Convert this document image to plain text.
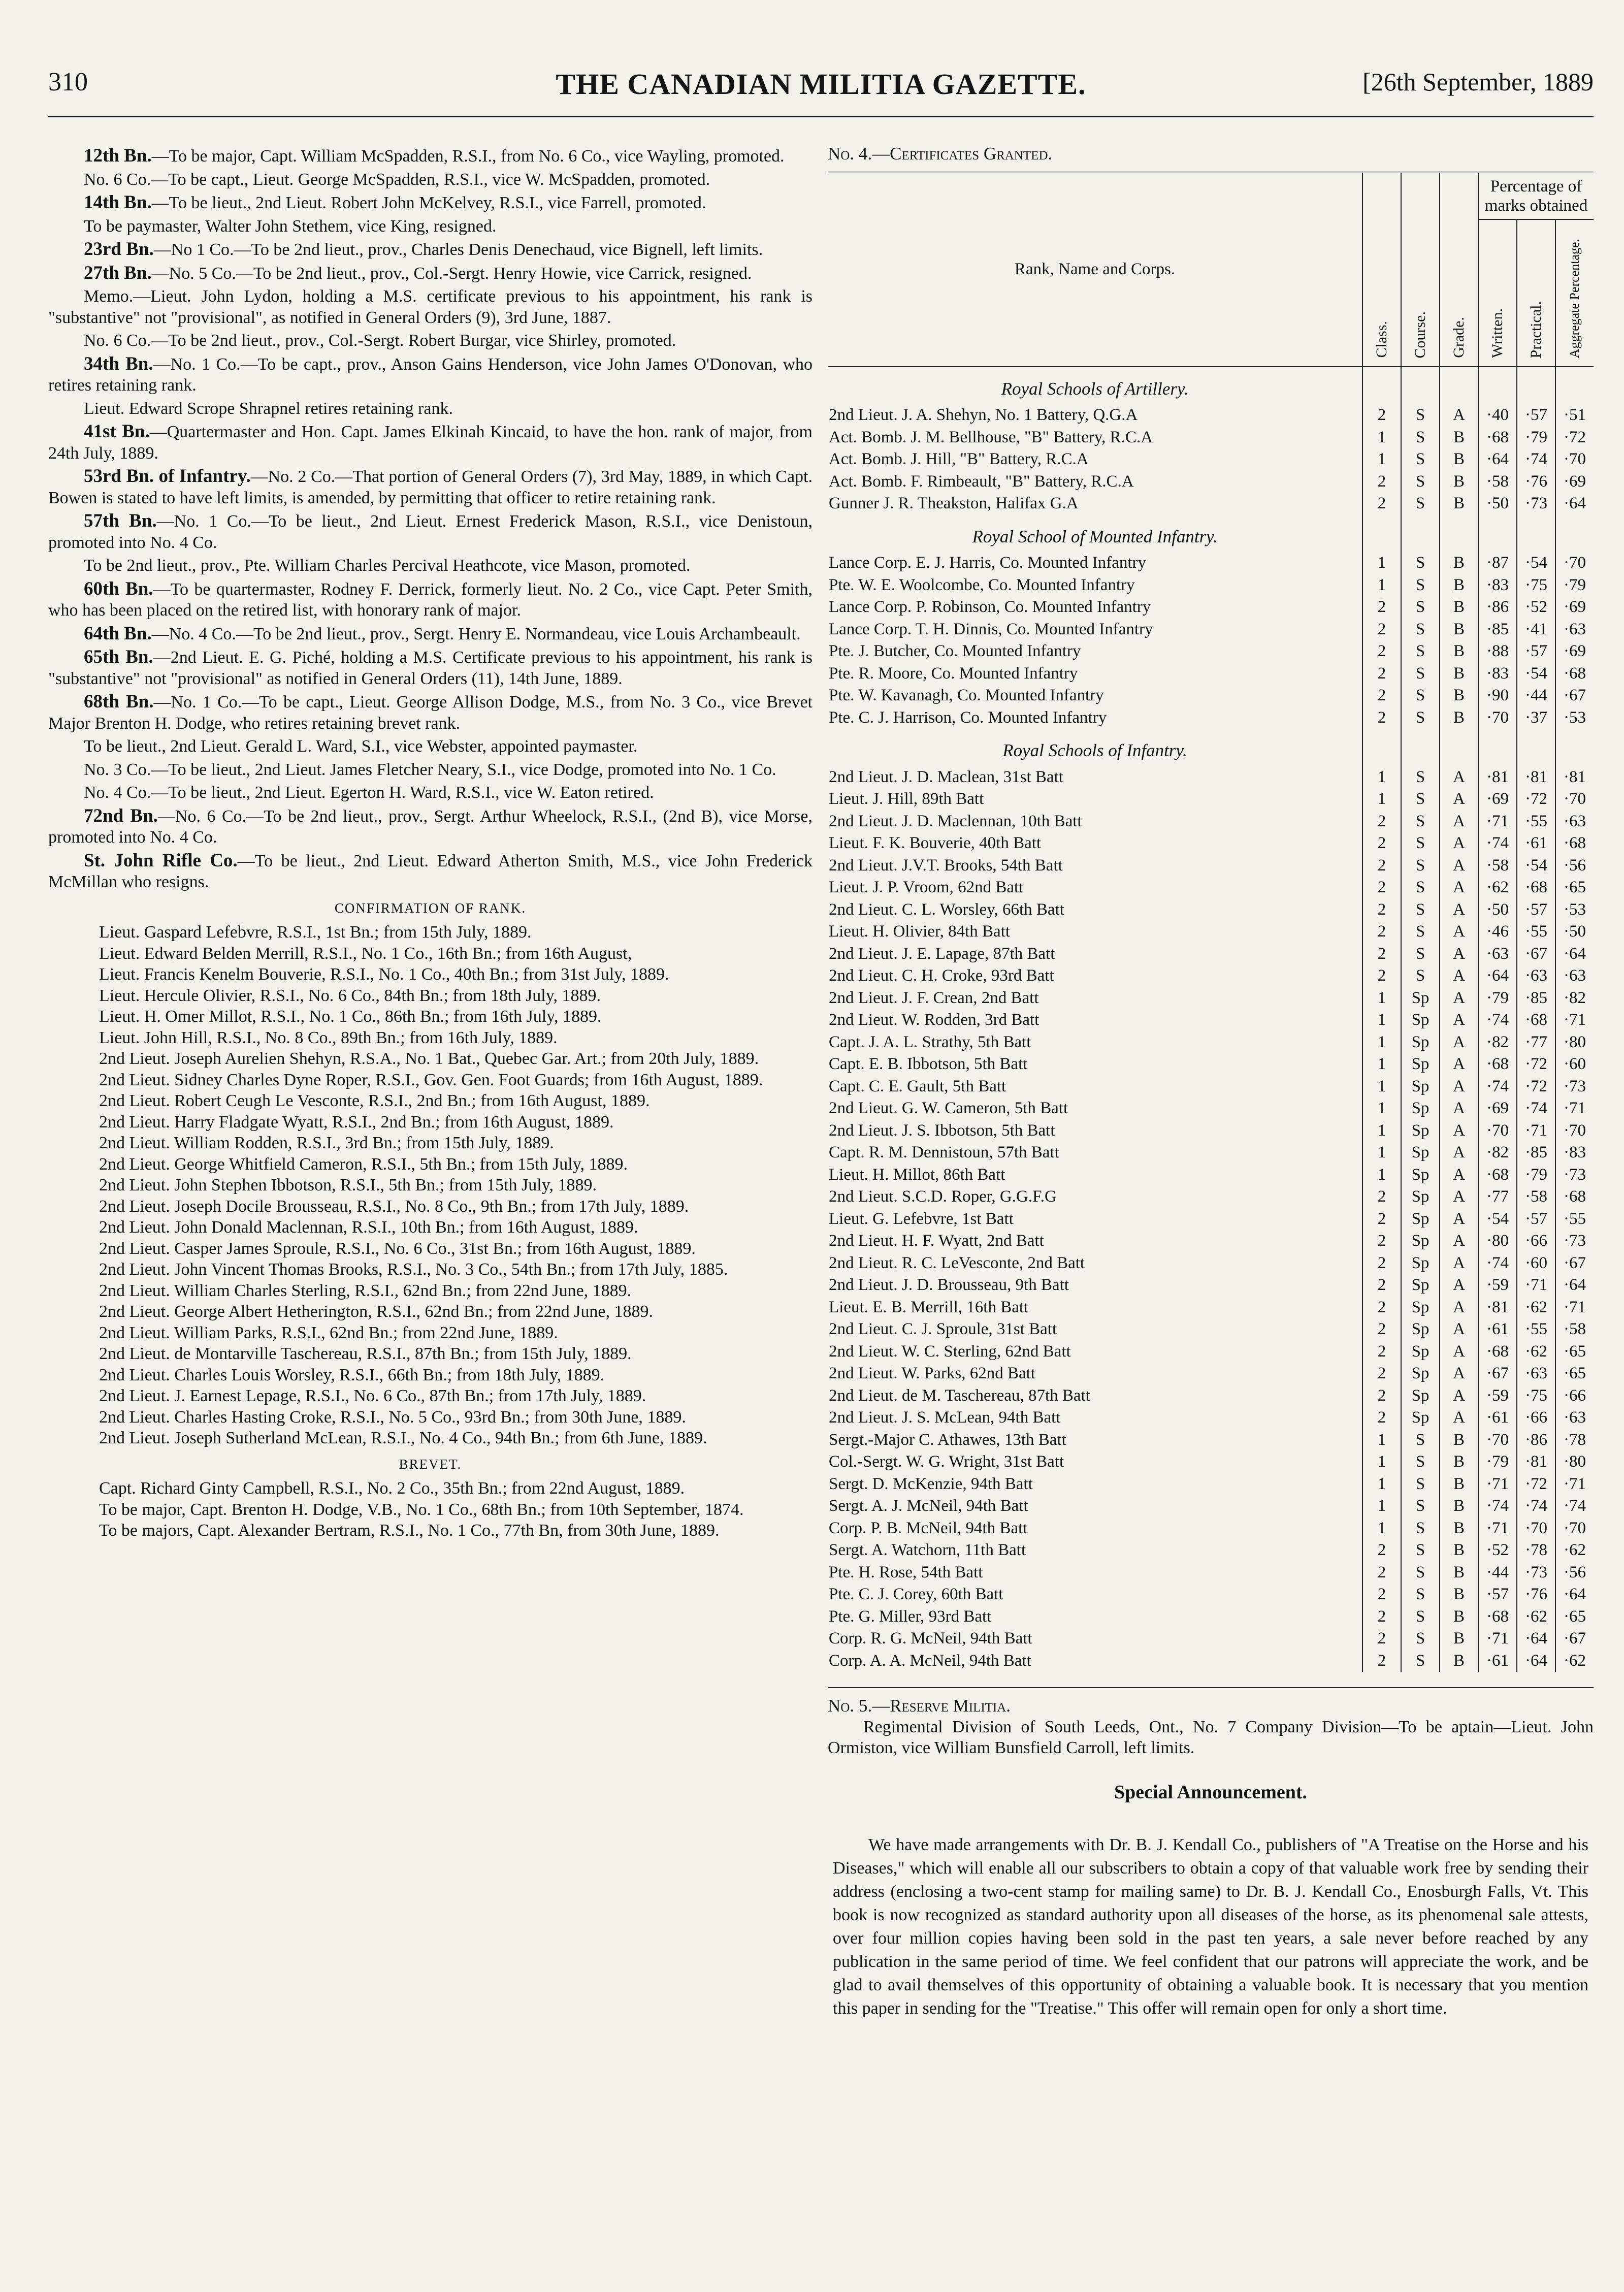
310	THE CANADIAN MILITIA GAZETTE.	[26th September, 1889

12th Bn.—To be major, Capt. William McSpadden, R.S.I., from No. 6 Co., vice Wayling, promoted.

No. 6 Co.—To be capt., Lieut. George McSpadden, R.S.I., vice W. McSpadden, promoted.

14th Bn.—To be lieut., 2nd Lieut. Robert John McKelvey, R.S.I., vice Farrell, promoted.

To be paymaster, Walter John Stethem, vice King, resigned.

23rd Bn.—No 1 Co.—To be 2nd lieut., prov., Charles Denis Denechaud, vice Bignell, left limits.

27th Bn.—No. 5 Co.—To be 2nd lieut., prov., Col.-Sergt. Henry Howie, vice Carrick, resigned.

Memo.—Lieut. John Lydon, holding a M.S. certificate previous to his appointment, his rank is "substantive" not "provisional", as notified in General Orders (9), 3rd June, 1887.

No. 6 Co.—To be 2nd lieut., prov., Col.-Sergt. Robert Burgar, vice Shirley, promoted.

34th Bn.—No. 1 Co.—To be capt., prov., Anson Gains Henderson, vice John James O'Donovan, who retires retaining rank.

Lieut. Edward Scrope Shrapnel retires retaining rank.

41st Bn.—Quartermaster and Hon. Capt. James Elkinah Kincaid, to have the hon. rank of major, from 24th July, 1889.

53rd Bn. of Infantry.—No. 2 Co.—That portion of General Orders (7), 3rd May, 1889, in which Capt. Bowen is stated to have left limits, is amended, by permitting that officer to retire retaining rank.

57th Bn.—No. 1 Co.—To be lieut., 2nd Lieut. Ernest Frederick Mason, R.S.I., vice Denistoun, promoted into No. 4 Co.

To be 2nd lieut., prov., Pte. William Charles Percival Heathcote, vice Mason, promoted.

60th Bn.—To be quartermaster, Rodney F. Derrick, formerly lieut. No. 2 Co., vice Capt. Peter Smith, who has been placed on the retired list, with honorary rank of major.

64th Bn.—No. 4 Co.—To be 2nd lieut., prov., Sergt. Henry E. Normandeau, vice Louis Archambeault.

65th Bn.—2nd Lieut. E. G. Piché, holding a M.S. Certificate previous to his appointment, his rank is "substantive" not "provisional" as notified in General Orders (11), 14th June, 1889.

68th Bn.—No. 1 Co.—To be capt., Lieut. George Allison Dodge, M.S., from No. 3 Co., vice Brevet Major Brenton H. Dodge, who retires retaining brevet rank.

To be lieut., 2nd Lieut. Gerald L. Ward, S.I., vice Webster, appointed paymaster.

No. 3 Co.—To be lieut., 2nd Lieut. James Fletcher Neary, S.I., vice Dodge, promoted into No. 1 Co.

No. 4 Co.—To be lieut., 2nd Lieut. Egerton H. Ward, R.S.I., vice W. Eaton retired.

72nd Bn.—No. 6 Co.—To be 2nd lieut., prov., Sergt. Arthur Wheelock, R.S.I., (2nd B), vice Morse, promoted into No. 4 Co.

St. John Rifle Co.—To be lieut., 2nd Lieut. Edward Atherton Smith, M.S., vice John Frederick McMillan who resigns.

CONFIRMATION OF RANK.

Lieut. Gaspard Lefebvre, R.S.I., 1st Bn.; from 15th July, 1889.

Lieut. Edward Belden Merrill, R.S.I., No. 1 Co., 16th Bn.; from 16th August,

Lieut. Francis Kenelm Bouverie, R.S.I., No. 1 Co., 40th Bn.; from 31st July, 1889.

Lieut. Hercule Olivier, R.S.I., No. 6 Co., 84th Bn.; from 18th July, 1889.

Lieut. H. Omer Millot, R.S.I., No. 1 Co., 86th Bn.; from 16th July, 1889.

Lieut. John Hill, R.S.I., No. 8 Co., 89th Bn.; from 16th July, 1889.

2nd Lieut. Joseph Aurelien Shehyn, R.S.A., No. 1 Bat., Quebec Gar. Art.; from 20th July, 1889.

2nd Lieut. Sidney Charles Dyne Roper, R.S.I., Gov. Gen. Foot Guards; from 16th August, 1889.

2nd Lieut. Robert Ceugh Le Vesconte, R.S.I., 2nd Bn.; from 16th August, 1889.

2nd Lieut. Harry Fladgate Wyatt, R.S.I., 2nd Bn.; from 16th August, 1889.

2nd Lieut. William Rodden, R.S.I., 3rd Bn.; from 15th July, 1889.

2nd Lieut. George Whitfield Cameron, R.S.I., 5th Bn.; from 15th July, 1889.

2nd Lieut. John Stephen Ibbotson, R.S.I., 5th Bn.; from 15th July, 1889.

2nd Lieut. Joseph Docile Brousseau, R.S.I., No. 8 Co., 9th Bn.; from 17th July, 1889.

2nd Lieut. John Donald Maclennan, R.S.I., 10th Bn.; from 16th August, 1889.

2nd Lieut. Casper James Sproule, R.S.I., No. 6 Co., 31st Bn.; from 16th August, 1889.

2nd Lieut. John Vincent Thomas Brooks, R.S.I., No. 3 Co., 54th Bn.; from 17th July, 1885.

2nd Lieut. William Charles Sterling, R.S.I., 62nd Bn.; from 22nd June, 1889.

2nd Lieut. George Albert Hetherington, R.S.I., 62nd Bn.; from 22nd June, 1889.

2nd Lieut. William Parks, R.S.I., 62nd Bn.; from 22nd June, 1889.

2nd Lieut. de Montarville Taschereau, R.S.I., 87th Bn.; from 15th July, 1889.

2nd Lieut. Charles Louis Worsley, R.S.I., 66th Bn.; from 18th July, 1889.

2nd Lieut. J. Earnest Lepage, R.S.I., No. 6 Co., 87th Bn.; from 17th July, 1889.

2nd Lieut. Charles Hasting Croke, R.S.I., No. 5 Co., 93rd Bn.; from 30th June, 1889.

2nd Lieut. Joseph Sutherland McLean, R.S.I., No. 4 Co., 94th Bn.; from 6th June, 1889.

BREVET.

Capt. Richard Ginty Campbell, R.S.I., No. 2 Co., 35th Bn.; from 22nd August, 1889.

To be major, Capt. Brenton H. Dodge, V.B., No. 1 Co., 68th Bn.; from 10th September, 1874.

To be majors, Capt. Alexander Bertram, R.S.I., No. 1 Co., 77th Bn, from 30th June, 1889.

No. 4.—Certificates Granted.

Rank, Name and Corps.	Class.	Course.	Grade.	Percentage of marks obtained		
				Written.	Practical.	Aggregate Percentage.
Royal Schools of Artillery.						
2nd Lieut. J. A. Shehyn, No. 1 Battery, Q.G.A	2	S	A	·40	·57	·51
Act. Bomb. J. M. Bellhouse, "B" Battery, R.C.A	1	S	B	·68	·79	·72
Act. Bomb. J. Hill, "B" Battery, R.C.A	1	S	B	·64	·74	·70
Act. Bomb. F. Rimbeault, "B" Battery, R.C.A	2	S	B	·58	·76	·69
Gunner J. R. Theakston, Halifax G.A	2	S	B	·50	·73	·64
Royal School of Mounted Infantry.						
Lance Corp. E. J. Harris, Co. Mounted Infantry	1	S	B	·87	·54	·70
Pte. W. E. Woolcombe, Co. Mounted Infantry	1	S	B	·83	·75	·79
Lance Corp. P. Robinson, Co. Mounted Infantry	2	S	B	·86	·52	·69
Lance Corp. T. H. Dinnis, Co. Mounted Infantry	2	S	B	·85	·41	·63
Pte. J. Butcher, Co. Mounted Infantry	2	S	B	·88	·57	·69
Pte. R. Moore, Co. Mounted Infantry	2	S	B	·83	·54	·68
Pte. W. Kavanagh, Co. Mounted Infantry	2	S	B	·90	·44	·67
Pte. C. J. Harrison, Co. Mounted Infantry	2	S	B	·70	·37	·53
Royal Schools of Infantry.						
2nd Lieut. J. D. Maclean, 31st Batt	1	S	A	·81	·81	·81
Lieut. J. Hill, 89th Batt	1	S	A	·69	·72	·70
2nd Lieut. J. D. Maclennan, 10th Batt	2	S	A	·71	·55	·63
Lieut. F. K. Bouverie, 40th Batt	2	S	A	·74	·61	·68
2nd Lieut. J.V.T. Brooks, 54th Batt	2	S	A	·58	·54	·56
Lieut. J. P. Vroom, 62nd Batt	2	S	A	·62	·68	·65
2nd Lieut. C. L. Worsley, 66th Batt	2	S	A	·50	·57	·53
Lieut. H. Olivier, 84th Batt	2	S	A	·46	·55	·50
2nd Lieut. J. E. Lapage, 87th Batt	2	S	A	·63	·67	·64
2nd Lieut. C. H. Croke, 93rd Batt	2	S	A	·64	·63	·63
2nd Lieut. J. F. Crean, 2nd Batt	1	Sp	A	·79	·85	·82
2nd Lieut. W. Rodden, 3rd Batt	1	Sp	A	·74	·68	·71
Capt. J. A. L. Strathy, 5th Batt	1	Sp	A	·82	·77	·80
Capt. E. B. Ibbotson, 5th Batt	1	Sp	A	·68	·72	·60
Capt. C. E. Gault, 5th Batt	1	Sp	A	·74	·72	·73
2nd Lieut. G. W. Cameron, 5th Batt	1	Sp	A	·69	·74	·71
2nd Lieut. J. S. Ibbotson, 5th Batt	1	Sp	A	·70	·71	·70
Capt. R. M. Dennistoun, 57th Batt	1	Sp	A	·82	·85	·83
Lieut. H. Millot, 86th Batt	1	Sp	A	·68	·79	·73
2nd Lieut. S.C.D. Roper, G.G.F.G	2	Sp	A	·77	·58	·68
Lieut. G. Lefebvre, 1st Batt	2	Sp	A	·54	·57	·55
2nd Lieut. H. F. Wyatt, 2nd Batt	2	Sp	A	·80	·66	·73
2nd Lieut. R. C. LeVesconte, 2nd Batt	2	Sp	A	·74	·60	·67
2nd Lieut. J. D. Brousseau, 9th Batt	2	Sp	A	·59	·71	·64
Lieut. E. B. Merrill, 16th Batt	2	Sp	A	·81	·62	·71
2nd Lieut. C. J. Sproule, 31st Batt	2	Sp	A	·61	·55	·58
2nd Lieut. W. C. Sterling, 62nd Batt	2	Sp	A	·68	·62	·65
2nd Lieut. W. Parks, 62nd Batt	2	Sp	A	·67	·63	·65
2nd Lieut. de M. Taschereau, 87th Batt	2	Sp	A	·59	·75	·66
2nd Lieut. J. S. McLean, 94th Batt	2	Sp	A	·61	·66	·63
Sergt.-Major C. Athawes, 13th Batt	1	S	B	·70	·86	·78
Col.-Sergt. W. G. Wright, 31st Batt	1	S	B	·79	·81	·80
Sergt. D. McKenzie, 94th Batt	1	S	B	·71	·72	·71
Sergt. A. J. McNeil, 94th Batt	1	S	B	·74	·74	·74
Corp. P. B. McNeil, 94th Batt	1	S	B	·71	·70	·70
Sergt. A. Watchorn, 11th Batt	2	S	B	·52	·78	·62
Pte. H. Rose, 54th Batt	2	S	B	·44	·73	·56
Pte. C. J. Corey, 60th Batt	2	S	B	·57	·76	·64
Pte. G. Miller, 93rd Batt	2	S	B	·68	·62	·65
Corp. R. G. McNeil, 94th Batt	2	S	B	·71	·64	·67
Corp. A. A. McNeil, 94th Batt	2	S	B	·61	·64	·62

No. 5.—Reserve Militia.

Regimental Division of South Leeds, Ont., No. 7 Company Division—To be aptain—Lieut. John Ormiston, vice William Bunsfield Carroll, left limits.

Special Announcement.

We have made arrangements with Dr. B. J. Kendall Co., publishers of "A Treatise on the Horse and his Diseases," which will enable all our subscribers to obtain a copy of that valuable work free by sending their address (enclosing a two-cent stamp for mailing same) to Dr. B. J. Kendall Co., Enosburgh Falls, Vt. This book is now recognized as standard authority upon all diseases of the horse, as its phenomenal sale attests, over four million copies having been sold in the past ten years, a sale never before reached by any publication in the same period of time. We feel confident that our patrons will appreciate the work, and be glad to avail themselves of this opportunity of obtaining a valuable book. It is necessary that you mention this paper in sending for the "Treatise." This offer will remain open for only a short time.
